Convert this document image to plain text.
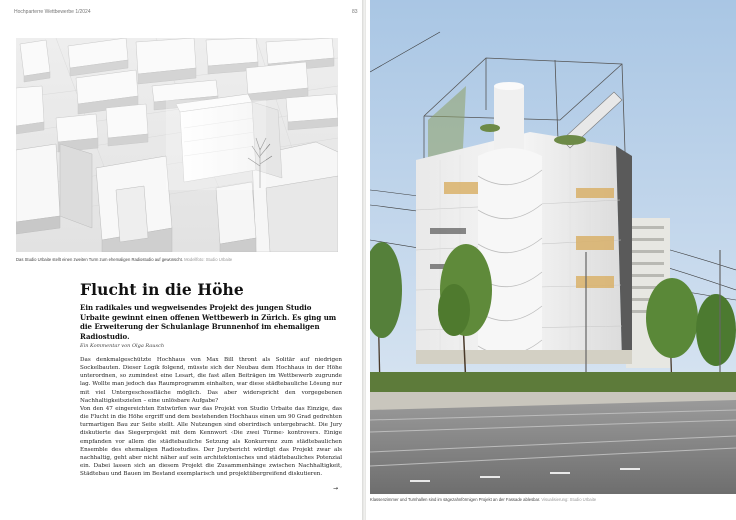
Hochparterre Wettbewerbe 1/2024	83
Das Studio Urbaite stellt einen zweiten Turm zum ehemaligen Radiostudio auf gewünscht. Modellfoto: Studio Urbaite
Flucht in die Höhe

Ein radikales und wegweisendes Projekt des jungen Studio Urbaite gewinnt einen offenen Wettbewerb in Zürich. Es ging um die Erweiterung der Schulanlage Brunnenhof im ehemaligen Radiostudio.

Ein Kommentar von Olga Rausch
Das denkmalgeschützte Hochhaus von Max Bill thront als Solitär auf niedrigen Sockelbauten. Dieser Logik folgend, müsste sich der Neubau dem Hochhaus in der Höhe unterordnen, so zumindest eine Lesart, die fast allen Beiträgen im Wettbewerb zugrunde lag. Wollte man jedoch das Raumprogramm einhalten, war diese städtebauliche Lösung nur mit viel Untergeschossfläche möglich. Das aber widerspricht den vorgegebenen Nachhaltigkeitszielen – eine unlösbare Aufgabe?
Von den 47 eingereichten Entwürfen war das Projekt von Studio Urbaite das Einzige, das die Flucht in die Höhe ergriff und dem bestehenden Hochhaus einen um 90 Grad gedrehten turmartigen Bau zur Seite stellt. Alle Nutzungen sind oberirdisch untergebracht. Die Jury diskutierte das Siegerprojekt mit dem Kennwort ‹Die zwei Türme› kontrovers. Einige empfanden vor allem die städtebauliche Setzung als Konkurrenz zum städtebaulichen Ensemble des ehemaligen Radiostudios. Der Jurybericht würdigt das Projekt zwar als nachhaltig, geht aber nicht näher auf sein architektonisches und städtebauliches Potenzial ein. Dabei lassen sich an diesem Projekt die Zusammenhänge zwischen Nachhaltigkeit, Städtebau und Bauen im Bestand exemplarisch und projektübergreifend diskutieren.
→
Klassenzimmer und Turnhallen sind im sägezahnförmigen Projekt an der Fassade ablesbar. Visualisierung: Studio Urbaite
